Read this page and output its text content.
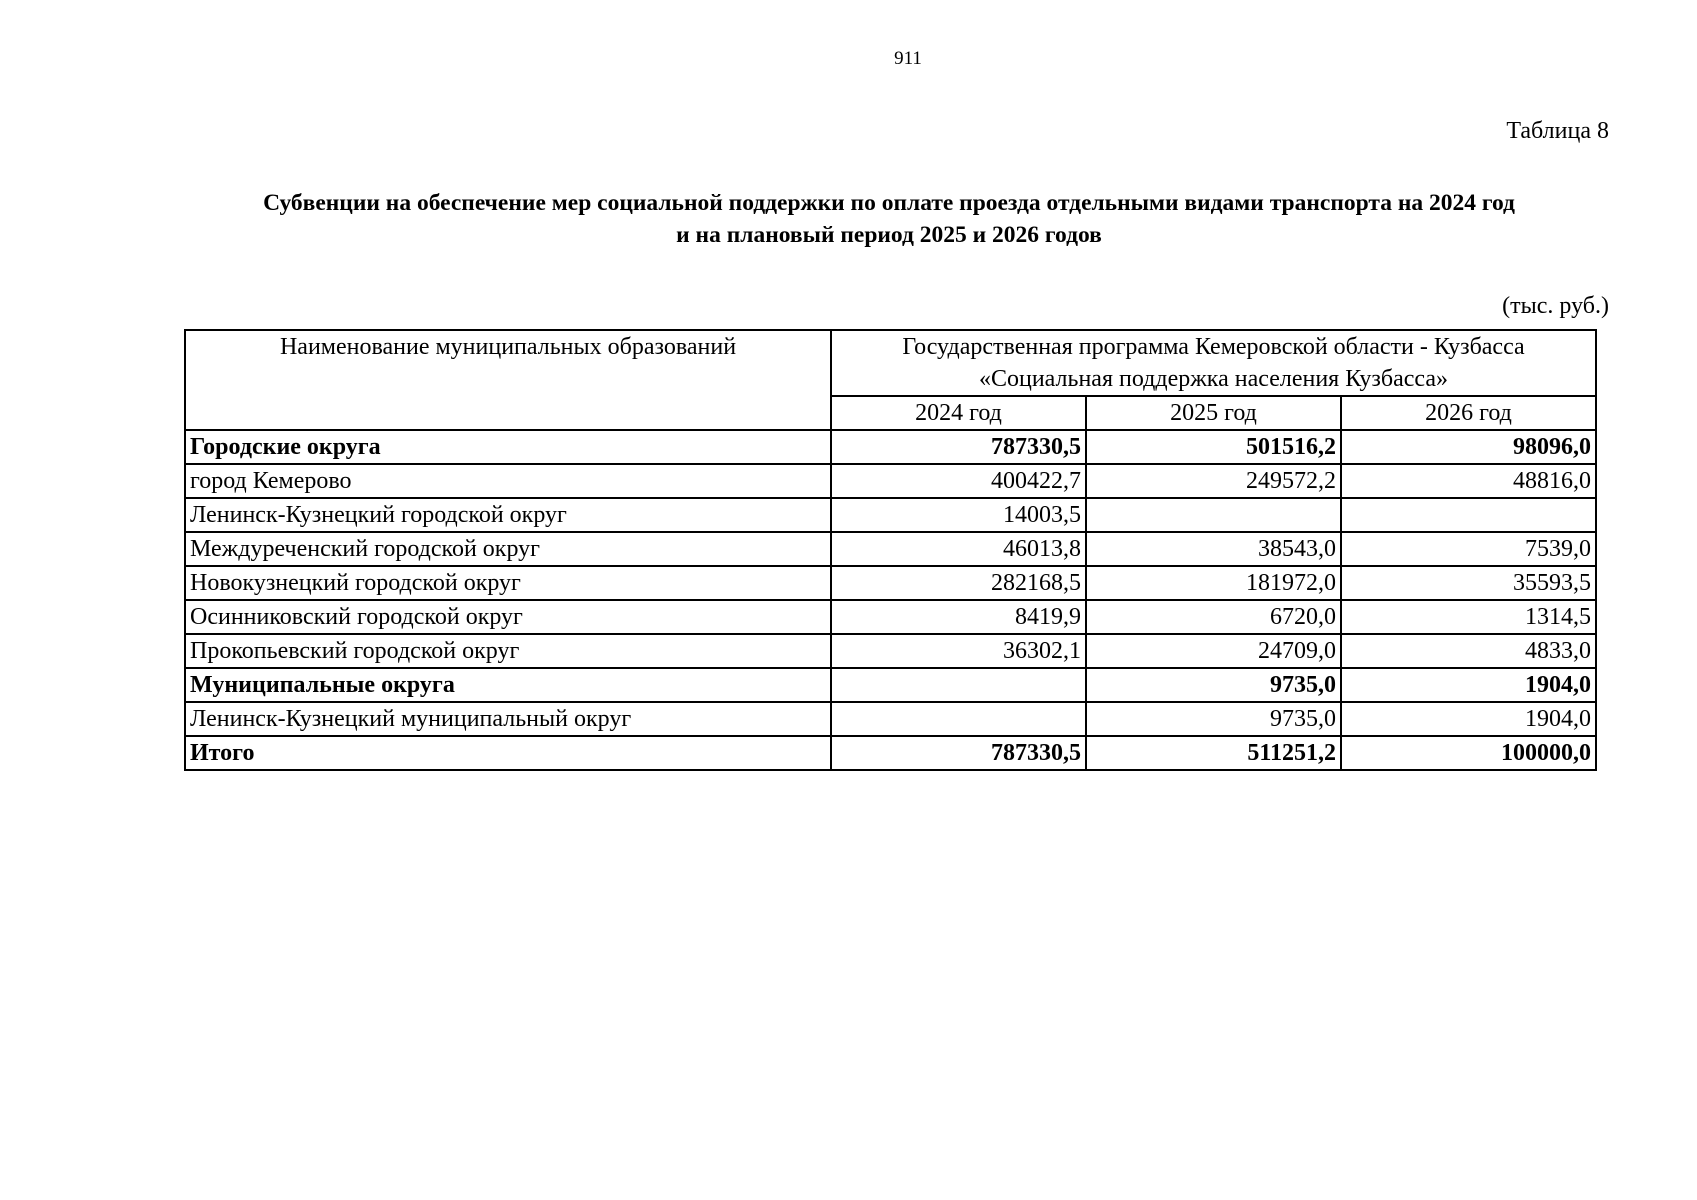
911
Таблица 8
Субвенции на обеспечение мер социальной поддержки по оплате проезда отдельными видами транспорта на 2024 год
и на плановый период 2025 и 2026 годов
(тыс. руб.)
Наименование муниципальных образований	Государственная программа Кемеровской области - Кузбасса
«Социальная поддержка населения Кузбасса»		

	2024 год	2025 год	2026 год
Городские округа	787330,5	501516,2	98096,0
город Кемерово	400422,7	249572,2	48816,0
Ленинск-Кузнецкий городской округ	14003,5		
Междуреченский городской округ	46013,8	38543,0	7539,0
Новокузнецкий городской округ	282168,5	181972,0	35593,5
Осинниковский городской округ	8419,9	6720,0	1314,5
Прокопьевский городской округ	36302,1	24709,0	4833,0
Муниципальные округа		9735,0	1904,0
Ленинск-Кузнецкий муниципальный округ		9735,0	1904,0
Итого	787330,5	511251,2	100000,0
